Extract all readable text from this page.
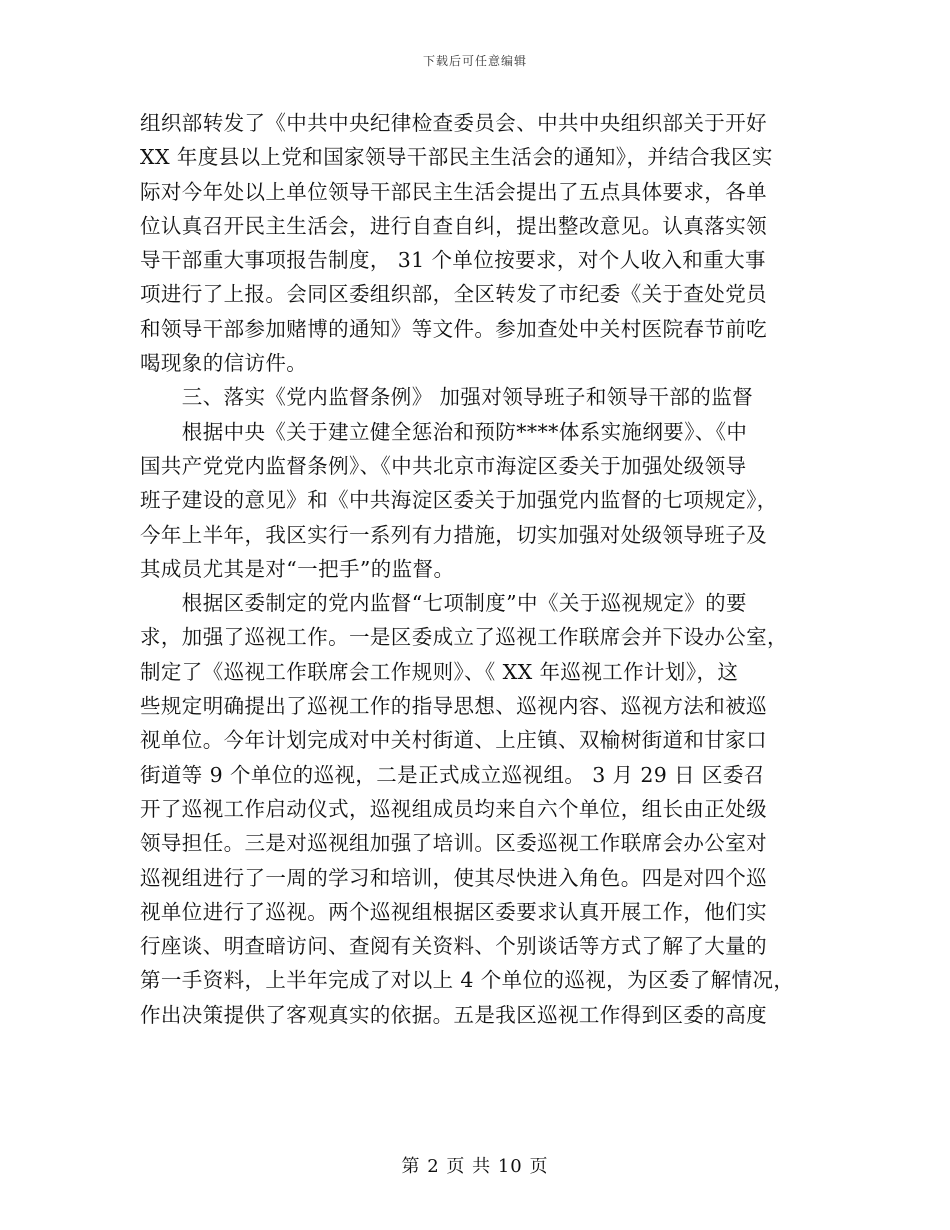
下载后可任意编辑
组织部转发了《中共中央纪律检查委员会、中共中央组织部关于开好
XX 年度县以上党和国家领导干部民主生活会的通知》，并结合我区实
际对今年处以上单位领导干部民主生活会提出了五点具体要求，各单
位认真召开民主生活会，进行自查自纠，提出整改意见。认真落实领
导干部重大事项报告制度， 31 个单位按要求，对个人收入和重大事
项进行了上报。会同区委组织部，全区转发了市纪委《关于查处党员
和领导干部参加赌博的通知》等文件。参加查处中关村医院春节前吃
喝现象的信访件。
　　三、落实《党内监督条例》 加强对领导班子和领导干部的监督
　　根据中央《关于建立健全惩治和预防****体系实施纲要》、《中
国共产党党内监督条例》、《中共北京市海淀区委关于加强处级领导
班子建设的意见》和《中共海淀区委关于加强党内监督的七项规定》，
今年上半年，我区实行一系列有力措施，切实加强对处级领导班子及
其成员尤其是对“一把手”的监督。
　　根据区委制定的党内监督“七项制度”中《关于巡视规定》的要
求，加强了巡视工作。一是区委成立了巡视工作联席会并下设办公室，
制定了《巡视工作联席会工作规则》、《 XX 年巡视工作计划》，这
些规定明确提出了巡视工作的指导思想、巡视内容、巡视方法和被巡
视单位。今年计划完成对中关村街道、上庄镇、双榆树街道和甘家口
街道等 9 个单位的巡视，二是正式成立巡视组。 3 月 29 日 区委召
开了巡视工作启动仪式，巡视组成员均来自六个单位，组长由正处级
领导担任。三是对巡视组加强了培训。区委巡视工作联席会办公室对
巡视组进行了一周的学习和培训，使其尽快进入角色。四是对四个巡
视单位进行了巡视。两个巡视组根据区委要求认真开展工作，他们实
行座谈、明查暗访问、查阅有关资料、个别谈话等方式了解了大量的
第一手资料，上半年完成了对以上 4 个单位的巡视，为区委了解情况，
作出决策提供了客观真实的依据。五是我区巡视工作得到区委的高度
第 2 页 共 10 页
